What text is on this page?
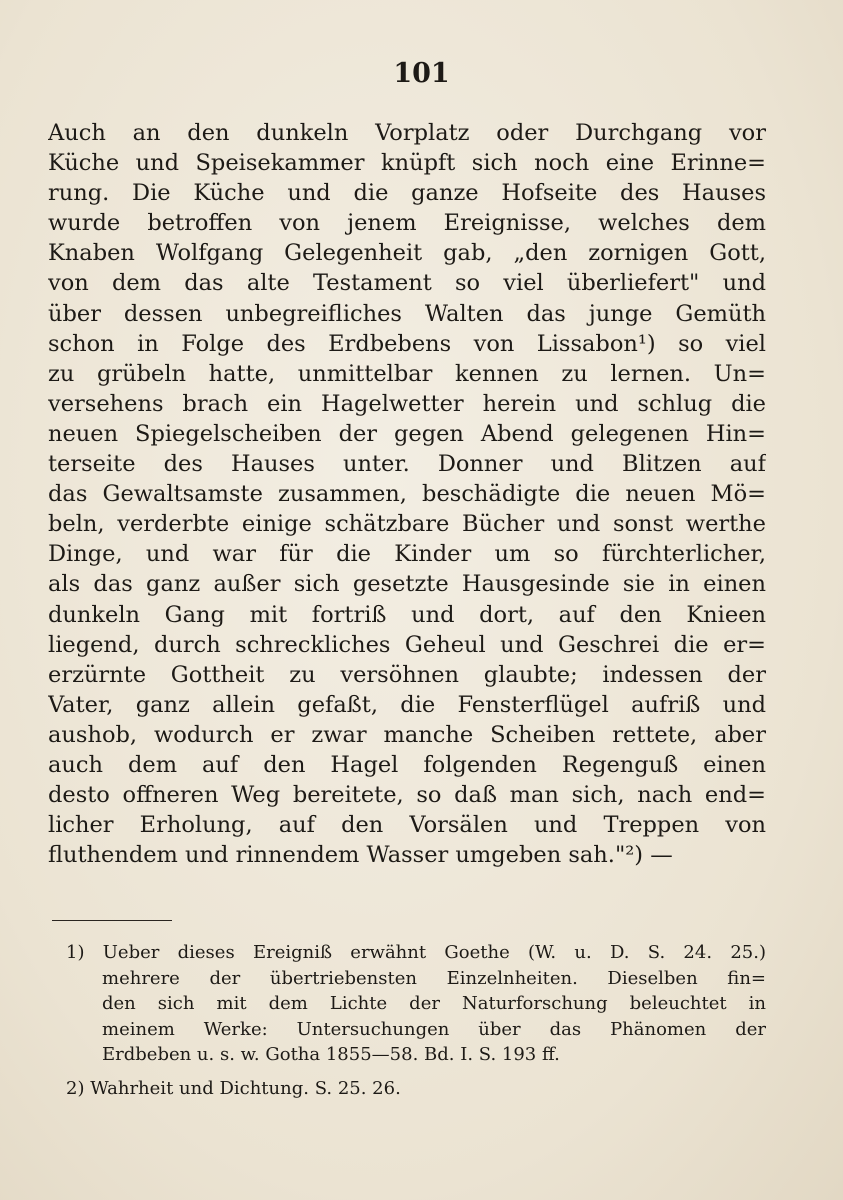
101
Auch an den dunkeln Vorplatz oder Durchgang vor
Küche und Speisekammer knüpft sich noch eine Erinne=
rung. Die Küche und die ganze Hofseite des Hauses
wurde betroffen von jenem Ereignisse, welches dem
Knaben Wolfgang Gelegenheit gab, „den zornigen Gott,
von dem das alte Testament so viel überliefert" und
über dessen unbegreifliches Walten das junge Gemüth
schon in Folge des Erdbebens von Lissabon¹) so viel
zu grübeln hatte, unmittelbar kennen zu lernen. Un=
versehens brach ein Hagelwetter herein und schlug die
neuen Spiegelscheiben der gegen Abend gelegenen Hin=
terseite des Hauses unter. Donner und Blitzen auf
das Gewaltsamste zusammen, beschädigte die neuen Mö=
beln, verderbte einige schätzbare Bücher und sonst werthe
Dinge, und war für die Kinder um so fürchterlicher,
als das ganz außer sich gesetzte Hausgesinde sie in einen
dunkeln Gang mit fortriß und dort, auf den Knieen
liegend, durch schreckliches Geheul und Geschrei die er=
erzürnte Gottheit zu versöhnen glaubte; indessen der
Vater, ganz allein gefaßt, die Fensterflügel aufriß und
aushob, wodurch er zwar manche Scheiben rettete, aber
auch dem auf den Hagel folgenden Regenguß einen
desto offneren Weg bereitete, so daß man sich, nach end=
licher Erholung, auf den Vorsälen und Treppen von
fluthendem und rinnendem Wasser umgeben sah."²) —
1) Ueber dieses Ereigniß erwähnt Goethe (W. u. D. S. 24. 25.)
mehrere der übertriebensten Einzelnheiten. Dieselben fin=
den sich mit dem Lichte der Naturforschung beleuchtet in
meinem Werke: Untersuchungen über das Phänomen der
Erdbeben u. s. w. Gotha 1855—58. Bd. I. S. 193 ff.
2) Wahrheit und Dichtung. S. 25. 26.
